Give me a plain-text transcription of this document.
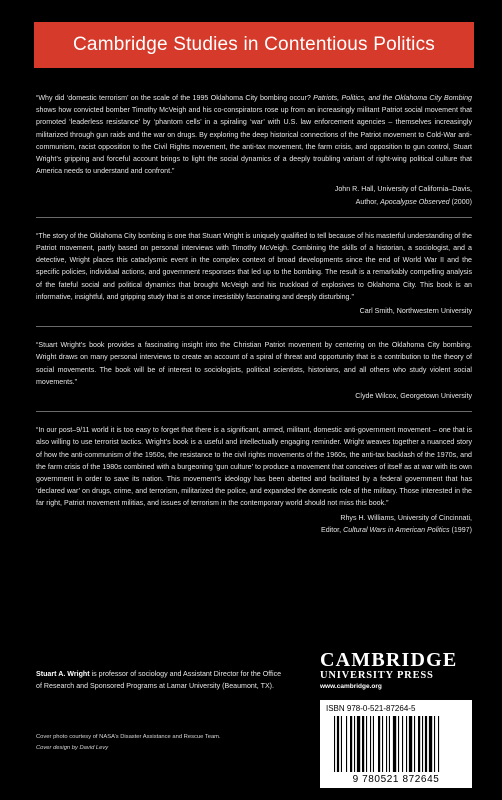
Cambridge Studies in Contentious Politics

“Why did ‘domestic terrorism’ on the scale of the 1995 Oklahoma City bombing occur? Patriots, Politics, and the Oklahoma City Bombing shows how convicted bomber Timothy McVeigh and his co-conspirators rose up from an increasingly militant Patriot social movement that promoted ‘leaderless resistance’ by ‘phantom cells’ in a spiraling ‘war’ with U.S. law enforcement agencies – themselves increasingly militarized through gun raids and the war on drugs. By exploring the deep historical connections of the Patriot movement to Cold-War anti-communism, racist opposition to the Civil Rights movement, the anti-tax movement, the farm crisis, and opposition to gun control, Stuart Wright’s gripping and forceful account brings to light the social dynamics of a deeply troubling variant of right-wing political culture that America needs to understand and confront.”

John R. Hall, University of California–Davis,
Author, Apocalypse Observed (2000)

“The story of the Oklahoma City bombing is one that Stuart Wright is uniquely qualified to tell because of his masterful understanding of the Patriot movement, partly based on personal interviews with Timothy McVeigh. Combining the skills of a historian, a sociologist, and a detective, Wright places this cataclysmic event in the complex context of broad developments since the end of World War II and the specific policies, individual actions, and government responses that led up to the bombing. The result is a remarkably compelling analysis of the fateful social and political dynamics that brought McVeigh and his truckload of explosives to Oklahoma City. This book is an informative, insightful, and gripping study that is at once irresistibly fascinating and deeply disturbing.”

Carl Smith, Northwestern University

“Stuart Wright’s book provides a fascinating insight into the Christian Patriot movement by centering on the Oklahoma City bombing. Wright draws on many personal interviews to create an account of a spiral of threat and opportunity that is a contribution to the theory of social movements. The book will be of interest to sociologists, political scientists, historians, and all others who study violent social movements.”

Clyde Wilcox, Georgetown University

“In our post–9/11 world it is too easy to forget that there is a significant, armed, militant, domestic anti-government movement – one that is also willing to use terrorist tactics. Wright’s book is a useful and intellectually engaging reminder. Wright weaves together a nuanced story of how the anti-communism of the 1950s, the resistance to the civil rights movements of the 1960s, the anti-tax backlash of the 1970s, and the farm crisis of the 1980s combined with a burgeoning ‘gun culture’ to produce a movement that conceives of itself as at war with its own government in order to save its nation. This movement’s ideology has been abetted and facilitated by a federal government that has ‘declared war’ on drugs, crime, and terrorism, militarized the police, and expanded the domestic role of the military. Those interested in the far right, Patriot movement militias, and issues of terrorism in the contemporary world should not miss this book.”

Rhys H. Williams, University of Cincinnati,
Editor, Cultural Wars in American Politics (1997)

Stuart A. Wright is professor of sociology and Assistant Director for the Office of Research and Sponsored Programs at Lamar University (Beaumont, TX).

Cover photo courtesy of NASA’s Disaster Assistance and Rescue Team.
Cover design by David Levy
CAMBRIDGE
UNIVERSITY PRESS
www.cambridge.org
ISBN 978-0-521-87264-5
9 780521 872645
